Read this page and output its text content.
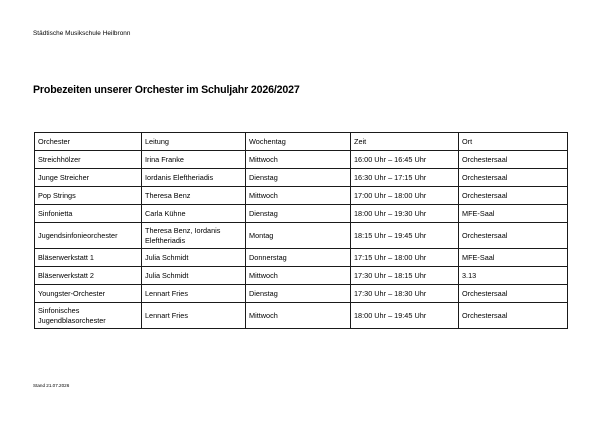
Städtische Musikschule Heilbronn
Probezeiten unserer Orchester im Schuljahr 2026/2027
Orchester	Leitung	Wochentag	Zeit	Ort
Streichhölzer	Irina Franke	Mittwoch	16:00 Uhr – 16:45 Uhr	Orchestersaal
Junge Streicher	Iordanis Eleftheriadis	Dienstag	16:30 Uhr – 17:15 Uhr	Orchestersaal
Pop Strings	Theresa Benz	Mittwoch	17:00 Uhr – 18:00 Uhr	Orchestersaal
Sinfonietta	Carla Kühne	Dienstag	18:00 Uhr – 19:30 Uhr	MFE-Saal
Jugendsinfonieorchester	Theresa Benz, Iordanis Eleftheriadis	Montag	18:15 Uhr – 19:45 Uhr	Orchestersaal
Bläserwerkstatt 1	Julia Schmidt	Donnerstag	17:15 Uhr – 18:00 Uhr	MFE-Saal
Bläserwerkstatt 2	Julia Schmidt	Mittwoch	17:30 Uhr – 18:15 Uhr	3.13
Youngster-Orchester	Lennart Fries	Dienstag	17:30 Uhr – 18:30 Uhr	Orchestersaal
Sinfonisches Jugendblasorchester	Lennart Fries	Mittwoch	18:00 Uhr – 19:45 Uhr	Orchestersaal
Stand 21.07.2026
